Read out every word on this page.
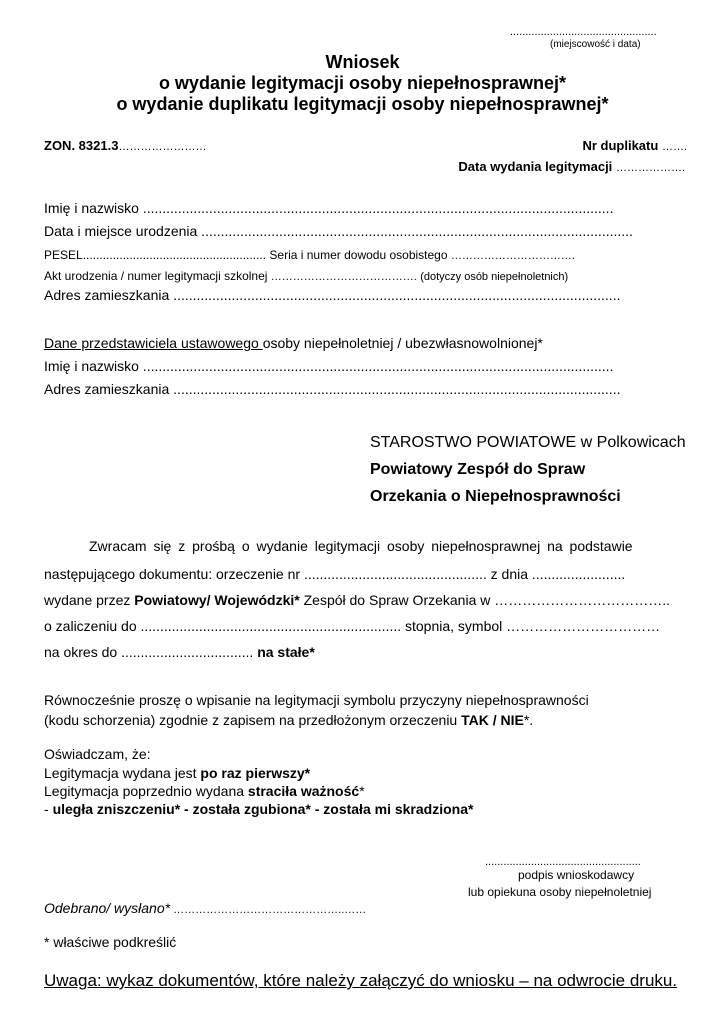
................................................
(miejscowość i data)
Wniosek
o wydanie legitymacji osoby niepełnosprawnej*
o wydanie duplikatu legitymacji osoby niepełnosprawnej*
ZON. 8321.3……………………	Nr duplikatu …….
Data wydania legitymacji ……………….
Imię i nazwisko .........................................................................................................................
Data i miejsce urodzenia ...............................................................................................................
PESEL....................................................... Seria i numer dowodu osobistego …………………………….
Akt urodzenia / numer legitymacji szkolnej …………………………………. (dotyczy osób niepełnoletnich)
Adres zamieszkania ...................................................................................................................
Dane przedstawiciela ustawowego osoby niepełnoletniej / ubezwłasnowolnionej*
Imię i nazwisko .........................................................................................................................
Adres zamieszkania ...................................................................................................................
STAROSTWO POWIATOWE w Polkowicach
Powiatowy Zespół do Spraw
Orzekania o Niepełnosprawności
Zwracam się z prośbą o wydanie legitymacji osoby niepełnosprawnej na podstawie
następującego dokumentu: orzeczenie nr ............................................... z dnia ........................
wydane przez Powiatowy/ Wojewódzki* Zespół do Spraw Orzekania w ………………………………..
o zaliczeniu do ................................................................... stopnia, symbol ……………………………
na okres do .................................. na stałe*
Równocześnie proszę o wpisanie na legitymacji symbolu przyczyny niepełnosprawności
(kodu schorzenia) zgodnie z zapisem na przedłożonym orzeczeniu TAK / NIE*.
Oświadczam, że:
Legitymacja wydana jest po raz pierwszy*
Legitymacja poprzednio wydana straciła ważność*
- uległa zniszczeniu* - została zgubiona* - została mi skradziona*
...................................................
podpis wnioskodawcy
lub opiekuna osoby niepełnoletniej
Odebrano/ wysłano* ………………………………………..……
* właściwe podkreślić
Uwaga: wykaz dokumentów, które należy załączyć do wniosku – na odwrocie druku.
